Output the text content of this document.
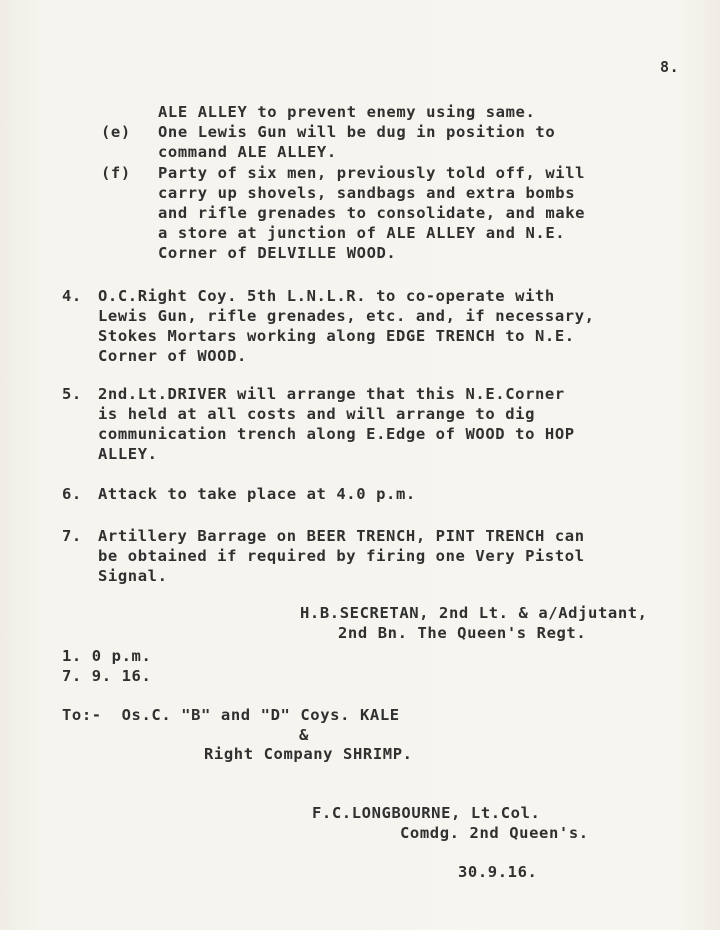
8.
ALE ALLEY to prevent enemy using same.
(e) One Lewis Gun will be dug in position to
command ALE ALLEY.
(f) Party of six men, previously told off, will
carry up shovels, sandbags and extra bombs
and rifle grenades to consolidate, and make
a store at junction of ALE ALLEY and N.E.
Corner of DELVILLE WOOD.
4. O.C.Right Coy. 5th L.N.L.R. to co-operate with
Lewis Gun, rifle grenades, etc. and, if necessary,
Stokes Mortars working along EDGE TRENCH to N.E.
Corner of WOOD.
5. 2nd.Lt.DRIVER will arrange that this N.E.Corner
is held at all costs and will arrange to dig
communication trench along E.Edge of WOOD to HOP
ALLEY.
6. Attack to take place at 4.0 p.m.
7. Artillery Barrage on BEER TRENCH, PINT TRENCH can
be obtained if required by firing one Very Pistol
Signal.
H.B.SECRETAN, 2nd Lt. & a/Adjutant,
2nd Bn. The Queen's Regt.
1. 0 p.m.
7. 9. 16.
To:-  Os.C. "B" and "D" Coys. KALE
&
Right Company SHRIMP.
F.C.LONGBOURNE, Lt.Col.
Comdg. 2nd Queen's.
30.9.16.
